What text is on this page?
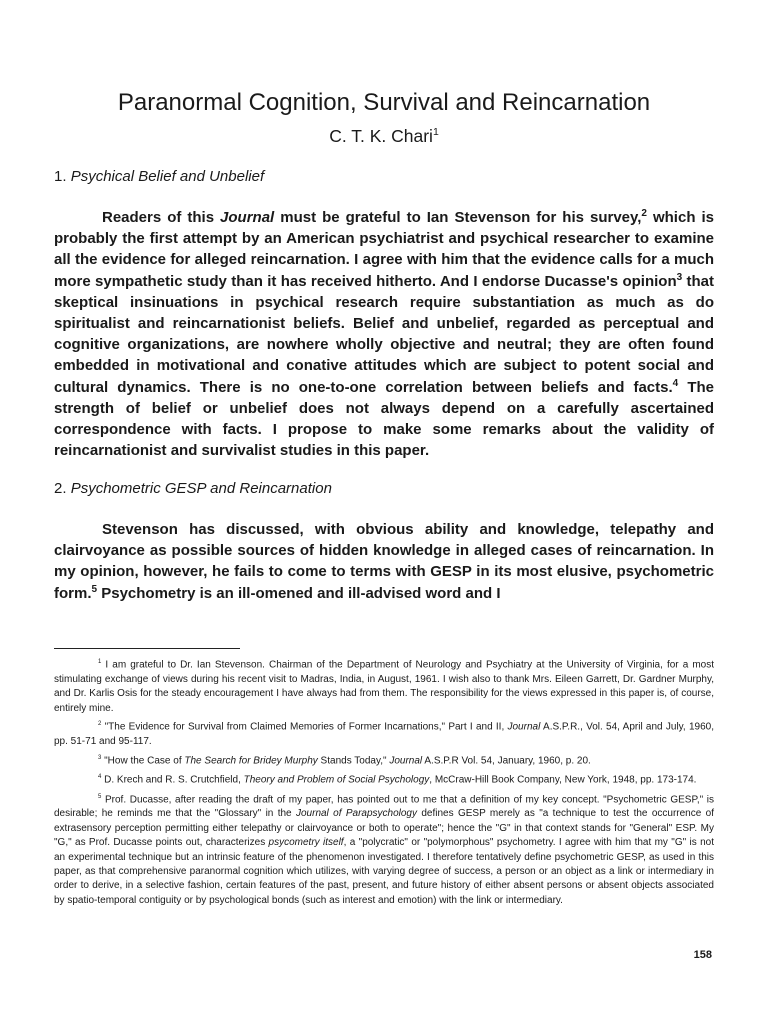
Paranormal Cognition, Survival and Reincarnation
C. T. K. Chari$^1$
1. Psychical Belief and Unbelief

Readers of this Journal must be grateful to Ian Stevenson for his survey,$^2$ which is probably the first attempt by an American psychiatrist and psychical researcher to examine all the evidence for alleged reincarnation. I agree with him that the evidence calls for a much more sympathetic study than it has received hitherto. And I endorse Ducasse's opinion$^3$ that skeptical insinuations in psychical research require substantiation as much as do spiritualist and reincarnationist beliefs. Belief and unbelief, regarded as perceptual and cognitive organizations, are nowhere wholly objective and neutral; they are often found embedded in motivational and conative attitudes which are subject to potent social and cultural dynamics. There is no one-to-one correlation between beliefs and facts.$^4$ The strength of belief or unbelief does not always depend on a carefully ascertained correspondence with facts. I propose to make some remarks about the validity of reincarnationist and survivalist studies in this paper.

2. Psychometric GESP and Reincarnation

Stevenson has discussed, with obvious ability and knowledge, telepathy and clairvoyance as possible sources of hidden knowledge in alleged cases of reincarnation. In my opinion, however, he fails to come to terms with GESP in its most elusive, psychometric form.$^5$ Psychometry is an ill-omened and ill-advised word and I

$^1$ I am grateful to Dr. Ian Stevenson. Chairman of the Department of Neurology and Psychiatry at the University of Virginia, for a most stimulating exchange of views during his recent visit to Madras, India, in August, 1961. I wish also to thank Mrs. Eileen Garrett, Dr. Gardner Murphy, and Dr. Karlis Osis for the steady encouragement I have always had from them. The responsibility for the views expressed in this paper is, of course, entirely mine.

$^2$ "The Evidence for Survival from Claimed Memories of Former Incarnations," Part I and II, Journal A.S.P.R., Vol. 54, April and July, 1960, pp. 51-71 and 95-117.

$^3$ "How the Case of The Search for Bridey Murphy Stands Today," Journal A.S.P.R Vol. 54, January, 1960, p. 20.

$^4$ D. Krech and R. S. Crutchfield, Theory and Problem of Social Psychology, McCraw-Hill Book Company, New York, 1948, pp. 173-174.

$^5$ Prof. Ducasse, after reading the draft of my paper, has pointed out to me that a definition of my key concept. "Psychometric GESP," is desirable; he reminds me that the "Glossary" in the Journal of Parapsychology defines GESP merely as "a technique to test the occurrence of extrasensory perception permitting either telepathy or clairvoyance or both to operate"; hence the "G" in that context stands for "General" ESP. My "G," as Prof. Ducasse points out, characterizes psycometry itself, a "polycratic" or "polymorphous" psychometry. I agree with him that my "G" is not an experimental technique but an intrinsic feature of the phenomenon investigated. I therefore tentatively define psychometric GESP, as used in this paper, as that comprehensive paranormal cognition which utilizes, with varying degree of success, a person or an object as a link or intermediary in order to derive, in a selective fashion, certain features of the past, present, and future history of either absent persons or absent objects associated by spatio-temporal contiguity or by psychological bonds (such as interest and emotion) with the link or intermediary.

158
